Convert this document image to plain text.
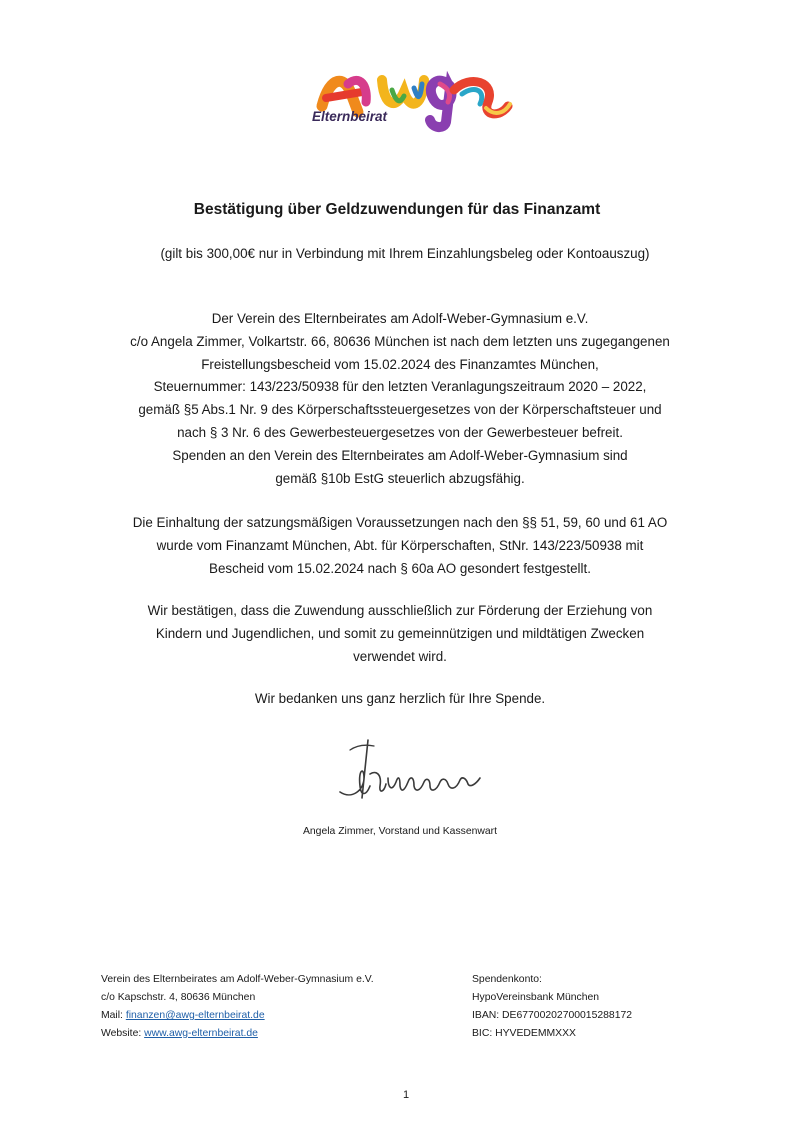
Elternbeirat
Bestätigung über Geldzuwendungen für das Finanzamt
(gilt bis 300,00€ nur in Verbindung mit Ihrem Einzahlungsbeleg oder Kontoauszug)

Der Verein des Elternbeirates am Adolf-Weber-Gymnasium e.V.

c/o Angela Zimmer, Volkartstr. 66, 80636 München ist nach dem letzten uns zugegangenen

Freistellungsbescheid vom 15.02.2024 des Finanzamtes München,

Steuernummer: 143/223/50938 für den letzten Veranlagungszeitraum 2020 – 2022,

gemäß §5 Abs.1 Nr. 9 des Körperschaftssteuergesetzes von der Körperschaftsteuer und

nach § 3 Nr. 6 des Gewerbesteuergesetzes von der Gewerbesteuer befreit.

Spenden an den Verein des Elternbeirates am Adolf-Weber-Gymnasium sind

gemäß §10b EstG steuerlich abzugsfähig.

Die Einhaltung der satzungsmäßigen Voraussetzungen nach den §§ 51, 59, 60 und 61 AO

wurde vom Finanzamt München, Abt. für Körperschaften, StNr. 143/223/50938 mit

Bescheid vom 15.02.2024 nach § 60a AO gesondert festgestellt.

Wir bestätigen, dass die Zuwendung ausschließlich zur Förderung der Erziehung von

Kindern und Jugendlichen, und somit zu gemeinnützigen und mildtätigen Zwecken

verwendet wird.

Wir bedanken uns ganz herzlich für Ihre Spende.

Angela Zimmer, Vorstand und Kassenwart
Verein des Elternbeirates am Adolf-Weber-Gymnasium e.V.
c/o Kapschstr. 4, 80636 München
Mail: finanzen@awg-elternbeirat.de
Website: www.awg-elternbeirat.de
Spendenkonto:
HypoVereinsbank München
IBAN: DE67700202700015288172
BIC: HYVEDEMMXXX
1
